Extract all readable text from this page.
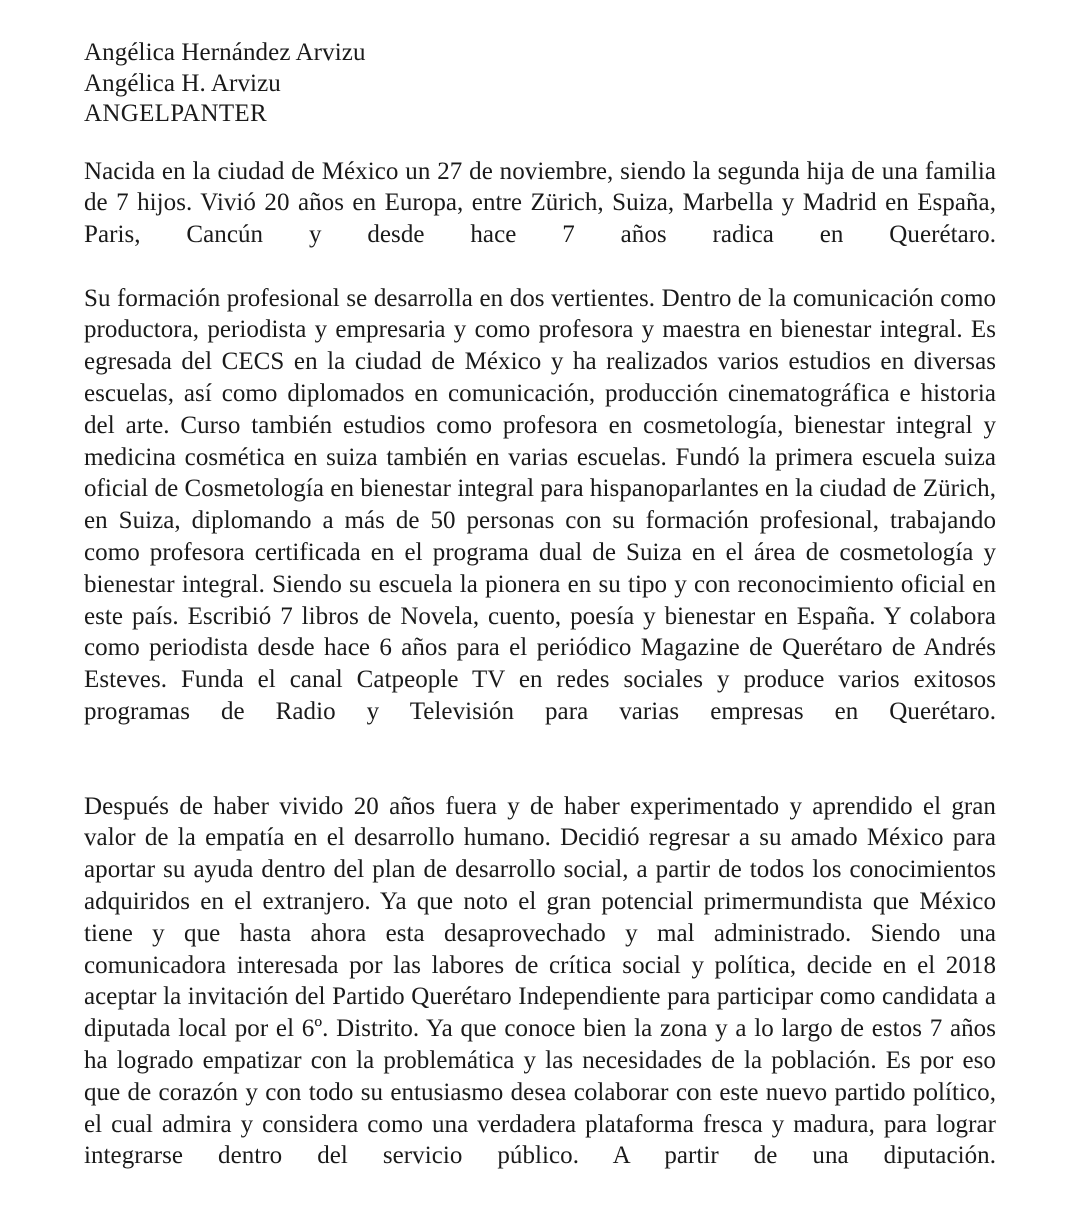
Angélica Hernández Arvizu
Angélica H. Arvizu
ANGELPANTER

Nacida en la ciudad de México un 27 de noviembre, siendo la segunda hija de una familia de 7 hijos. Vivió 20 años en Europa, entre Zürich, Suiza, Marbella y Madrid en España, Paris, Cancún y desde hace 7 años radica en Querétaro.

Su formación profesional se desarrolla en dos vertientes. Dentro de la comunicación como productora, periodista y empresaria y como profesora y maestra en bienestar integral. Es egresada del CECS en la ciudad de México y ha realizados varios estudios en diversas escuelas, así como diplomados en comunicación, producción cinematográfica e historia del arte. Curso también estudios como profesora en cosmetología, bienestar integral y medicina cosmética en suiza también en varias escuelas. Fundó la primera escuela suiza oficial de Cosmetología en bienestar integral para hispanoparlantes en la ciudad de Zürich, en Suiza, diplomando a más de 50 personas con su formación profesional, trabajando como profesora certificada en el programa dual de Suiza en el área de cosmetología y bienestar integral. Siendo su escuela la pionera en su tipo y con reconocimiento oficial en este país. Escribió 7 libros de Novela, cuento, poesía y bienestar en España. Y colabora como periodista desde hace 6 años para el periódico Magazine de Querétaro de Andrés Esteves. Funda el canal Catpeople TV en redes sociales y produce varios exitosos programas de Radio y Televisión para varias empresas en Querétaro.

Después de haber vivido 20 años fuera y de haber experimentado y aprendido el gran valor de la empatía en el desarrollo humano. Decidió regresar a su amado México para aportar su ayuda dentro del plan de desarrollo social, a partir de todos los conocimientos adquiridos en el extranjero. Ya que noto el gran potencial primermundista que México tiene y que hasta ahora esta desaprovechado y mal administrado. Siendo una comunicadora interesada por las labores de crítica social y política, decide en el 2018 aceptar la invitación del Partido Querétaro Independiente para participar como candidata a diputada local por el 6º. Distrito. Ya que conoce bien la zona y a lo largo de estos 7 años ha logrado empatizar con la problemática y las necesidades de la población. Es por eso que de corazón y con todo su entusiasmo desea colaborar con este nuevo partido político, el cual admira y considera como una verdadera plataforma fresca y madura, para lograr integrarse dentro del servicio público. A partir de una diputación.
